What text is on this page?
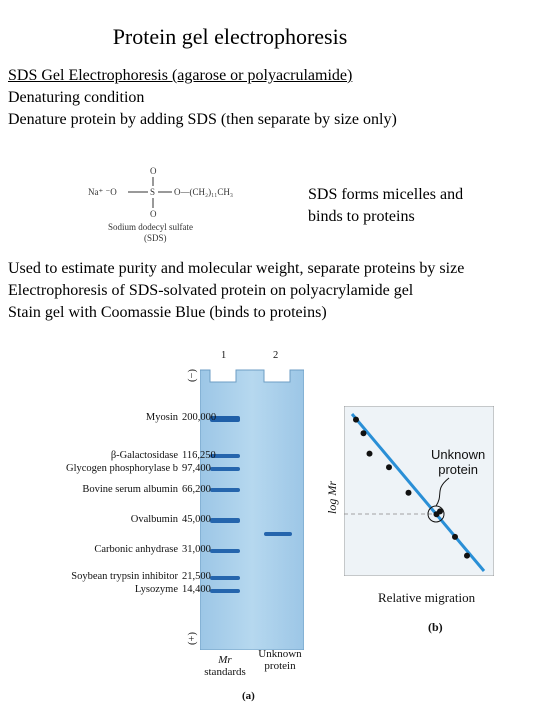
Protein gel electrophoresis
SDS Gel Electrophoresis (agarose or polyacrulamide)
Denaturing condition
Denature protein by adding SDS (then separate by size only)
O
Na⁺ ⁻O	S O—(CH₂)₁₁CH₃
O
Sodium dodecyl sulfate
(SDS)
SDS forms micelles and
binds to proteins
Used to estimate purity and molecular weight, separate proteins by size
Electrophoresis of SDS-solvated protein on polyacrylamide gel
Stain gel with Coomassie Blue (binds to proteins)
1	2
(−)
(+)
Myosin
β-Galactosidase
Glycogen phosphorylase b
Bovine serum albumin
Ovalbumin
Carbonic anhydrase
Soybean trypsin inhibitor
Lysozyme
200,000
116,250
97,400
66,200
45,000
31,000
21,500
14,400
Mr
standards
Unknown
protein
(a)
Unknown
protein
log Mr
Relative migration
(b)
